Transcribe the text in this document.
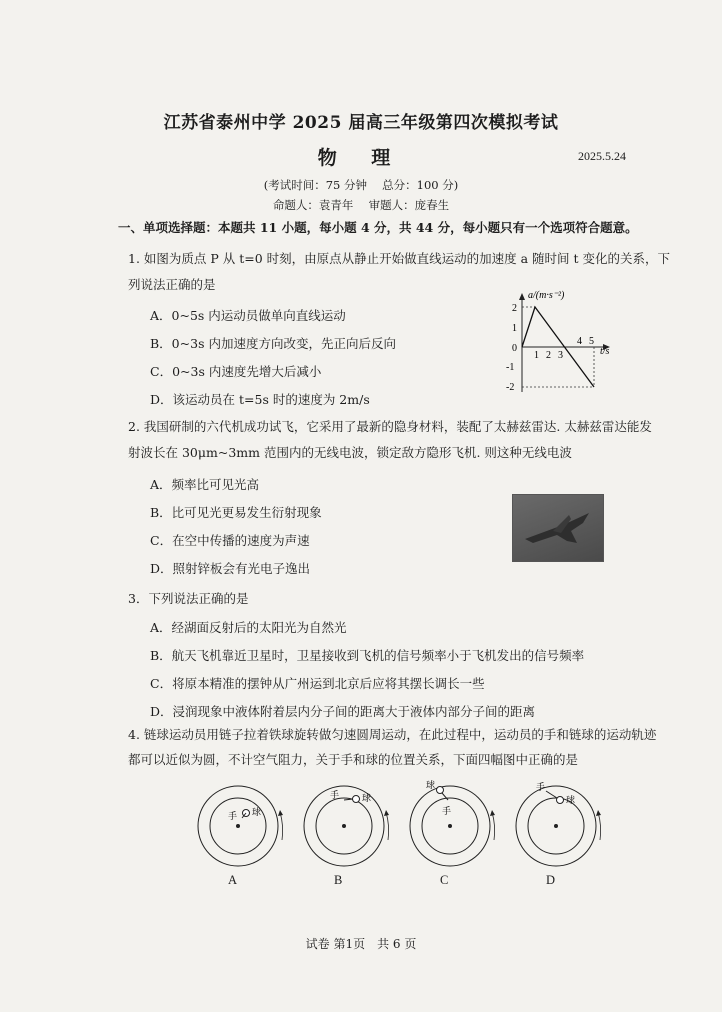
江苏省泰州中学 2025 届高三年级第四次模拟考试
物 理	2025.5.24
(考试时间：75 分钟　 总分：100 分)
命题人：袁青年　 审题人：庞春生
一、单项选择题：本题共 11 小题，每小题 4 分，共 44 分，每小题只有一个选项符合题意。
1. 如图为质点 P 从 t=0 时刻，由原点从静止开始做直线运动的加速度 a 随时间 t 变化的关系，下
列说法正确的是
A．0~5s 内运动员做单向直线运动
B．0~3s 内加速度方向改变，先正向后反向
C．0~3s 内速度先增大后减小
D．该运动员在 t=5s 时的速度为 2m/s
a/(m·s⁻²)
t/s
2
1
0
-1
-2
1 2 3
4 5
2. 我国研制的六代机成功试飞，它采用了最新的隐身材料，装配了太赫兹雷达. 太赫兹雷达能发
射波长在 30μm~3mm 范围内的无线电波，锁定敌方隐形飞机. 则这种无线电波
A．频率比可见光高
B．比可见光更易发生衍射现象
C．在空中传播的速度为声速
D．照射锌板会有光电子逸出
3．下列说法正确的是
A．经湖面反射后的太阳光为自然光
B．航天飞机靠近卫星时，卫星接收到飞机的信号频率小于飞机发出的信号频率
C．将原本精准的摆钟从广州运到北京后应将其摆长调长一些
D．浸润现象中液体附着层内分子间的距离大于液体内部分子间的距离
4. 链球运动员用链子拉着铁球旋转做匀速圆周运动，在此过程中，运动员的手和链球的运动轨迹
都可以近似为圆，不计空气阻力，关于手和球的位置关系，下面四幅图中正确的是
手 球
手	球
球
手
手
球
A	B	C	D
试卷 第1页　共 6 页
